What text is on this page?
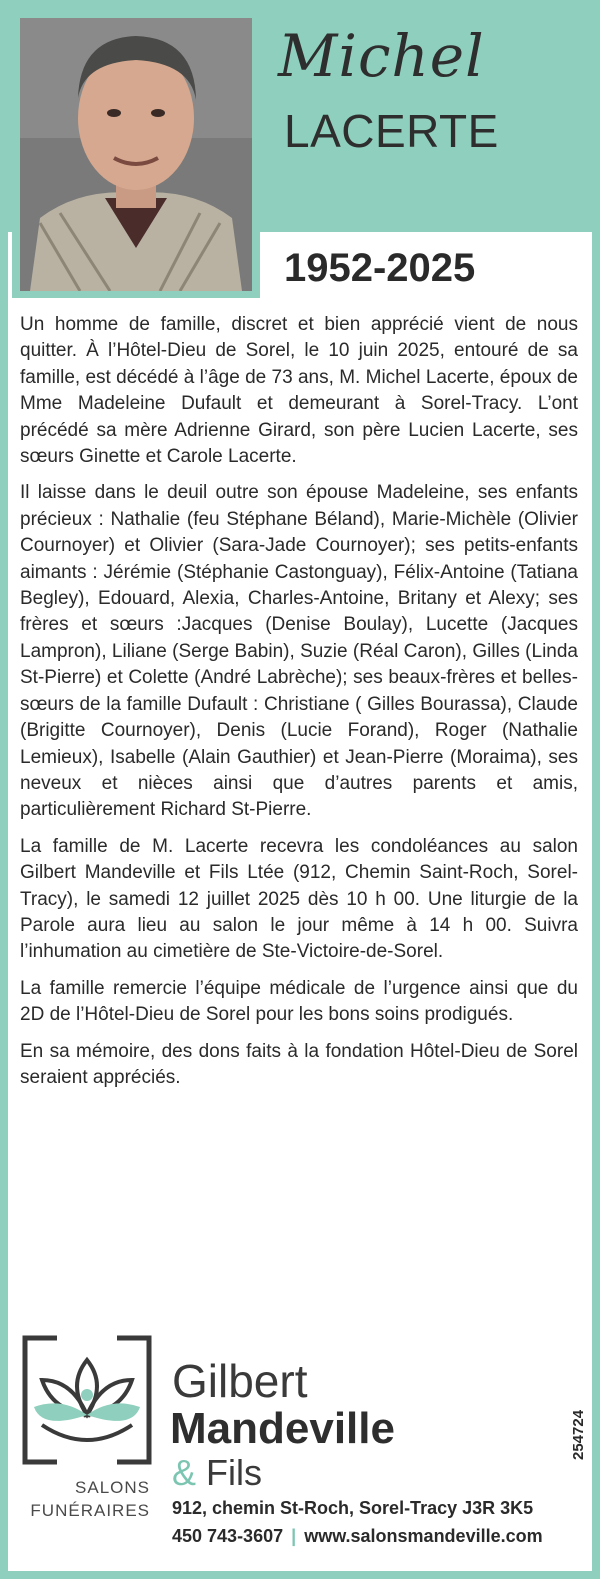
Michel
LACERTE
1952-2025

Un homme de famille, discret et bien apprécié vient de nous quitter. À l’Hôtel-Dieu de Sorel, le 10 juin 2025, entouré de sa famille, est décédé à l’âge de 73 ans, M. Michel Lacerte, époux de Mme Madeleine Dufault et demeurant à Sorel-Tracy. L’ont précédé sa mère Adrienne Girard, son père Lucien Lacerte, ses sœurs Ginette et Carole Lacerte.

Il laisse dans le deuil outre son épouse Madeleine, ses enfants précieux : Nathalie (feu Stéphane Béland), Marie-Michèle (Olivier Cournoyer) et Olivier (Sara-Jade Cournoyer); ses petits-enfants aimants : Jérémie (Stéphanie Castonguay), Félix-Antoine (Tatiana Begley), Edouard, Alexia, Charles-Antoine, Britany et Alexy; ses frères et sœurs :Jacques (Denise Boulay), Lucette (Jacques Lampron), Liliane (Serge Babin), Suzie (Réal Caron), Gilles (Linda St-Pierre) et Colette (André Labrèche); ses beaux-frères et belles-sœurs de la famille Dufault : Christiane ( Gilles Bourassa), Claude (Brigitte Cournoyer), Denis (Lucie Forand), Roger (Nathalie Lemieux), Isabelle (Alain Gauthier) et Jean-Pierre (Moraima), ses neveux et nièces ainsi que d’autres parents et amis, particulièrement Richard St-Pierre.

La famille de M. Lacerte recevra les condoléances au salon Gilbert Mandeville et Fils Ltée (912, Chemin Saint-Roch, Sorel-Tracy), le samedi 12 juillet 2025 dès 10 h 00. Une liturgie de la Parole aura lieu au salon le jour même à 14 h 00. Suivra l’inhumation au cimetière de Ste-Victoire-de-Sorel.

La famille remercie l’équipe médicale de l’urgence ainsi que du 2D de l’Hôtel-Dieu de Sorel pour les bons soins prodigués.

En sa mémoire, des dons faits à la fondation Hôtel-Dieu de Sorel seraient appréciés.

SALONS
FUNÉRAIRES
Gilbert
Mandeville
& Fils
912, chemin St-Roch, Sorel-Tracy J3R 3K5
450 743-3607 | www.salonsmandeville.com
254724
